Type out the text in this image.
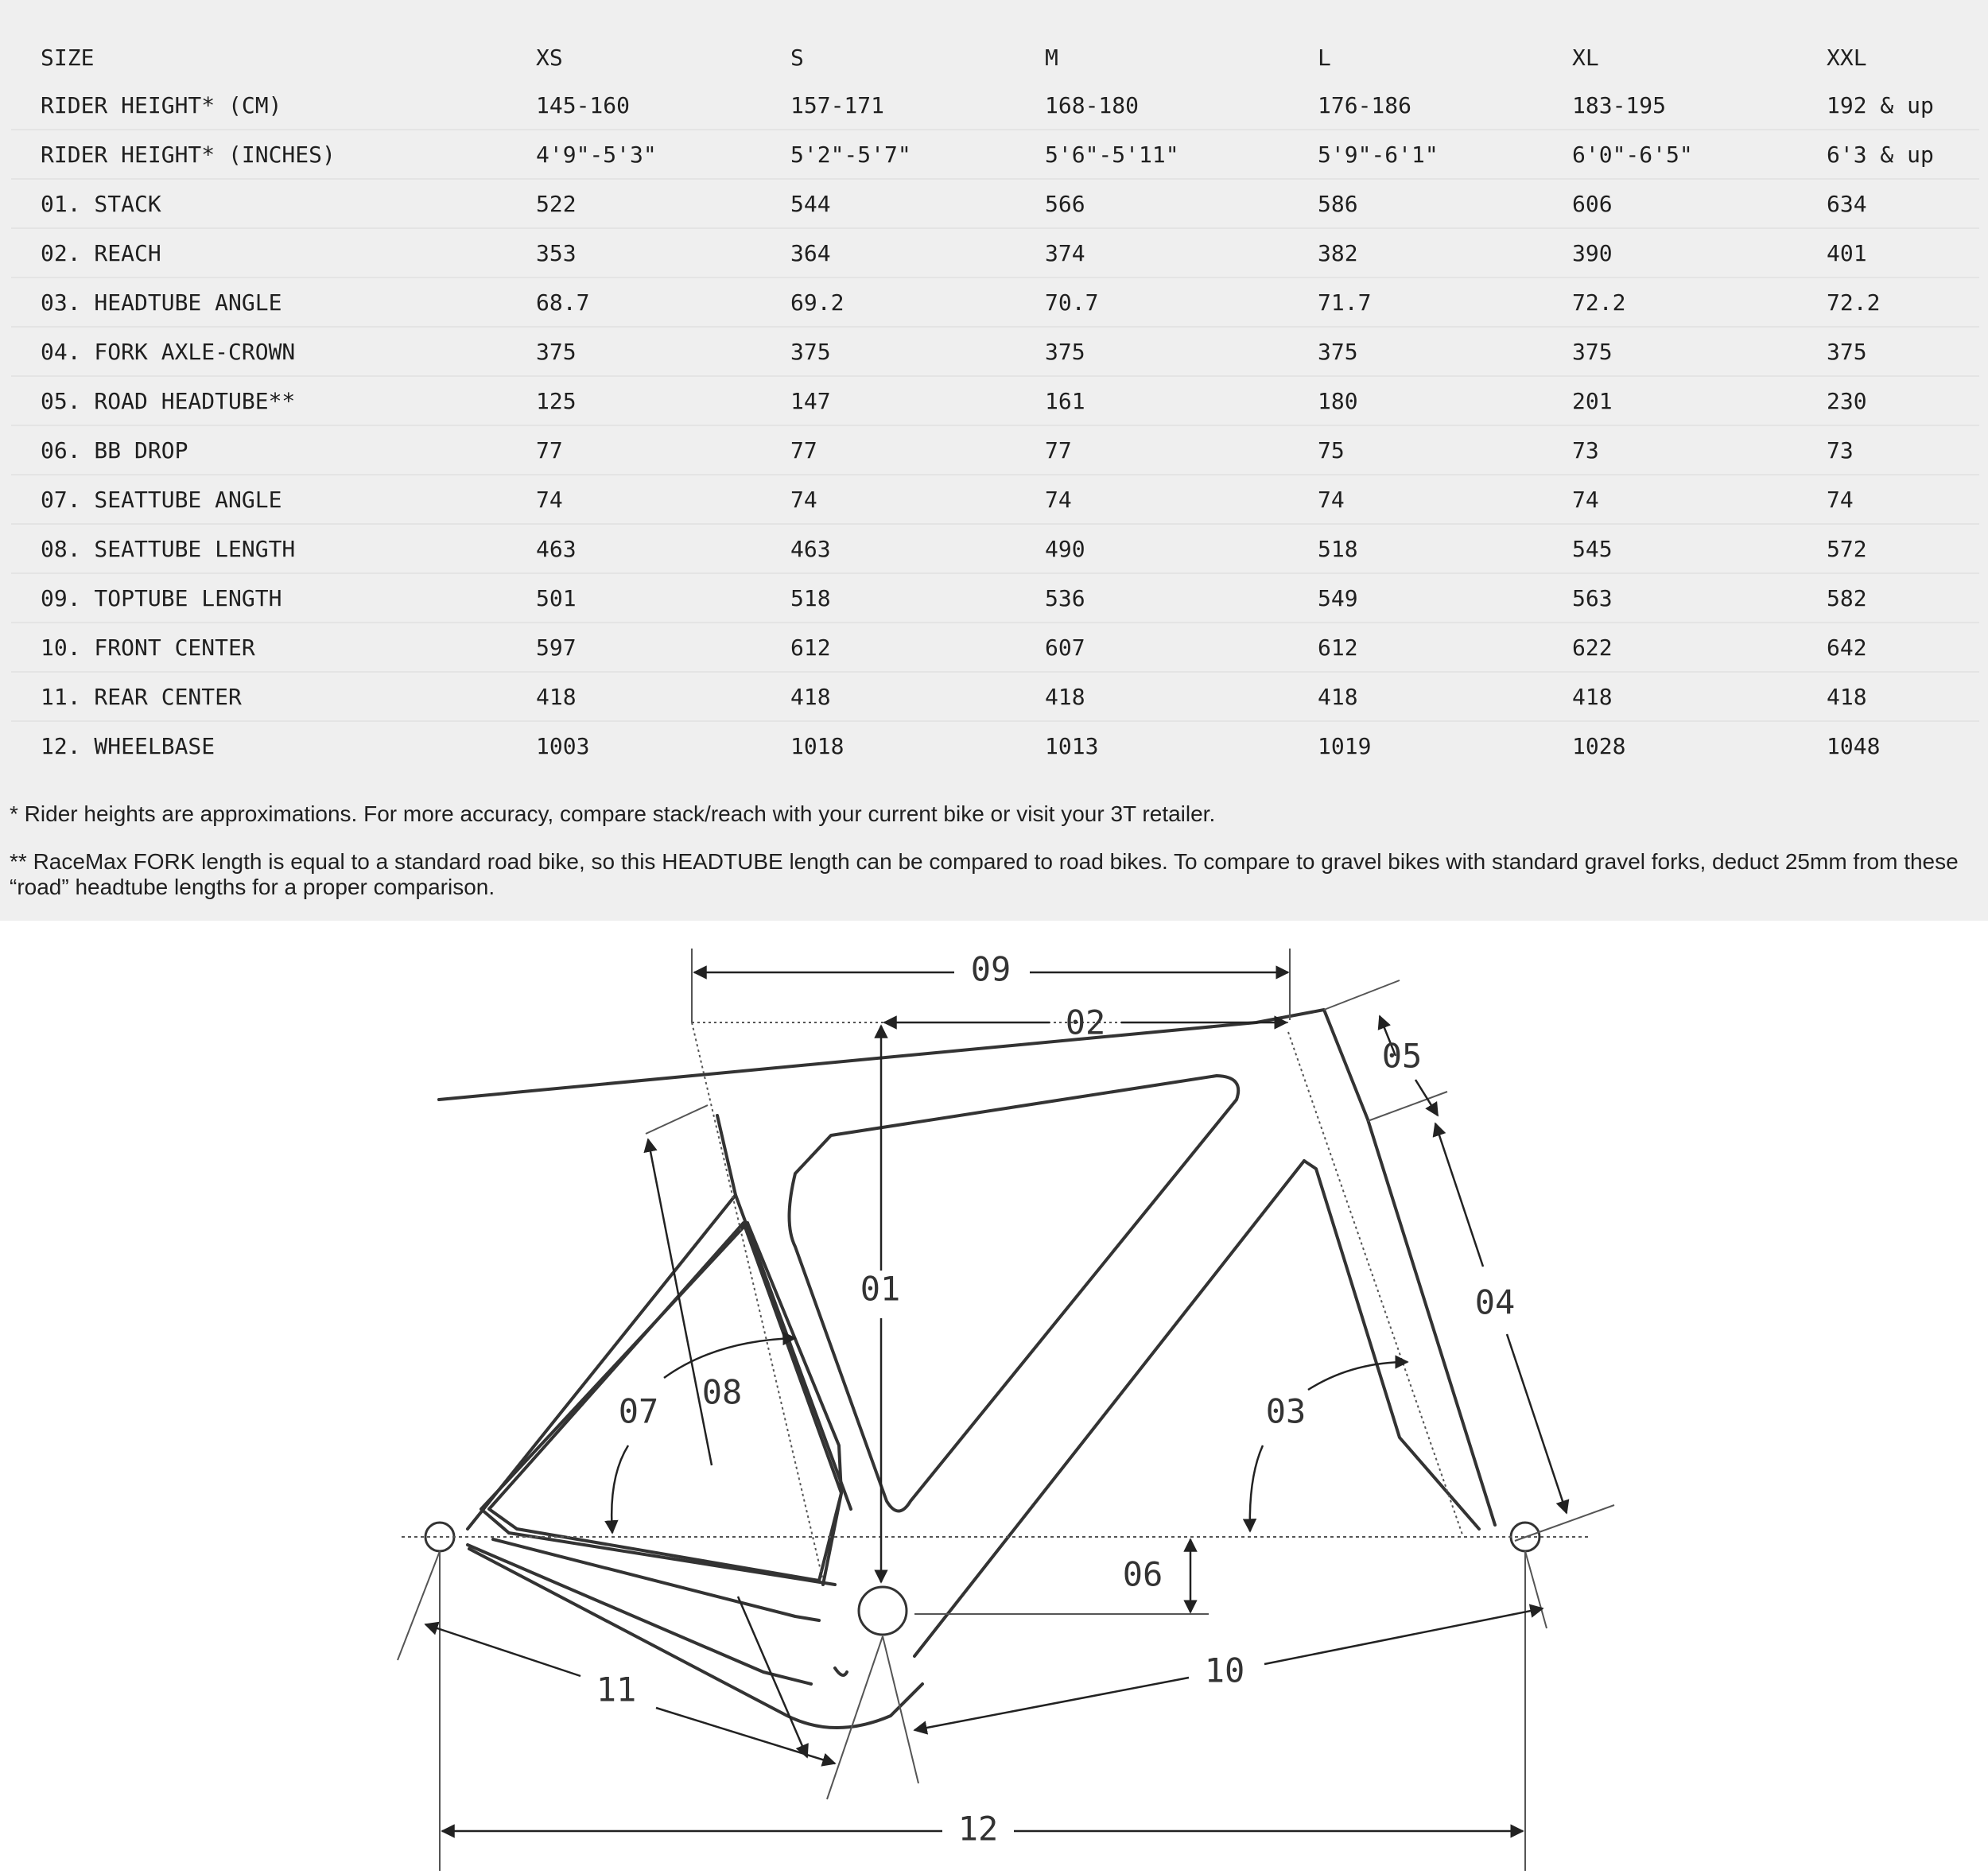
SIZE	XS	S	M	L	XL	XXL
RIDER HEIGHT* (CM)	145-160	157-171	168-180	176-186	183-195	192 & up
RIDER HEIGHT* (INCHES)	4'9"-5'3"	5'2"-5'7"	5'6"-5'11"	5'9"-6'1"	6'0"-6'5"	6'3 & up
01. STACK	522	544	566	586	606	634
02. REACH	353	364	374	382	390	401
03. HEADTUBE ANGLE	68.7	69.2	70.7	71.7	72.2	72.2
04. FORK AXLE-CROWN	375	375	375	375	375	375
05. ROAD HEADTUBE**	125	147	161	180	201	230
06. BB DROP	77	77	77	75	73	73
07. SEATTUBE ANGLE	74	74	74	74	74	74
08. SEATTUBE LENGTH	463	463	490	518	545	572
09. TOPTUBE LENGTH	501	518	536	549	563	582
10. FRONT CENTER	597	612	607	612	622	642
11. REAR CENTER	418	418	418	418	418	418
12. WHEELBASE	1003	1018	1013	1019	1028	1048
* Rider heights are approximations. For more accuracy, compare stack/reach with your current bike or visit your 3T retailer.
** RaceMax FORK length is equal to a standard road bike, so this HEADTUBE length can be compared to road bikes. To compare to gravel bikes with standard gravel forks, deduct 25mm from these “road” headtube lengths for a proper comparison.
09
02
05
01	04
07 08	03
06
11	10
12
